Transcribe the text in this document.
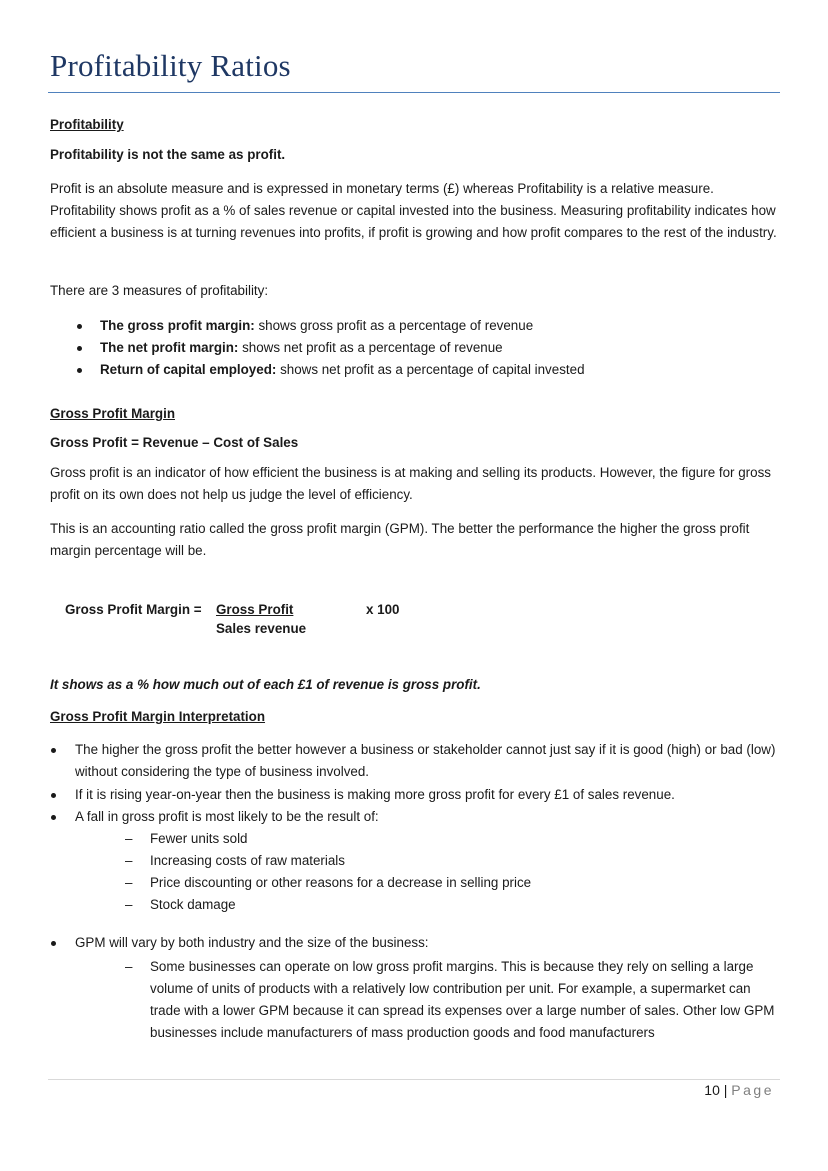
Profitability Ratios

Profitability

Profitability is not the same as profit.

Profit is an absolute measure and is expressed in monetary terms (£) whereas Profitability is a relative measure. Profitability shows profit as a % of sales revenue or capital invested into the business. Measuring profitability indicates how efficient a business is at turning revenues into profits, if profit is growing and how profit compares to the rest of the industry.

There are 3 measures of profitability:

The gross profit margin: shows gross profit as a percentage of revenue
The net profit margin: shows net profit as a percentage of revenue
Return of capital employed: shows net profit as a percentage of capital invested

Gross Profit Margin

Gross Profit = Revenue – Cost of Sales

Gross profit is an indicator of how efficient the business is at making and selling its products. However, the figure for gross profit on its own does not help us judge the level of efficiency.

This is an accounting ratio called the gross profit margin (GPM). The better the performance the higher the gross profit margin percentage will be.

Gross Profit Margin = Gross Profit
Sales revenue
x 100

It shows as a % how much out of each £1 of revenue is gross profit.

Gross Profit Margin Interpretation

The higher the gross profit the better however a business or stakeholder cannot just say if it is good (high) or bad (low) without considering the type of business involved.

If it is rising year-on-year then the business is making more gross profit for every £1 of sales revenue.

A fall in gross profit is most likely to be the result of:

– Fewer units sold

– Increasing costs of raw materials

– Price discounting or other reasons for a decrease in selling price

– Stock damage

GPM will vary by both industry and the size of the business:

– Some businesses can operate on low gross profit margins. This is because they rely on selling a large volume of units of products with a relatively low contribution per unit. For example, a supermarket can trade with a lower GPM because it can spread its expenses over a large number of sales. Other low GPM businesses include manufacturers of mass production goods and food manufacturers

10 | Page
